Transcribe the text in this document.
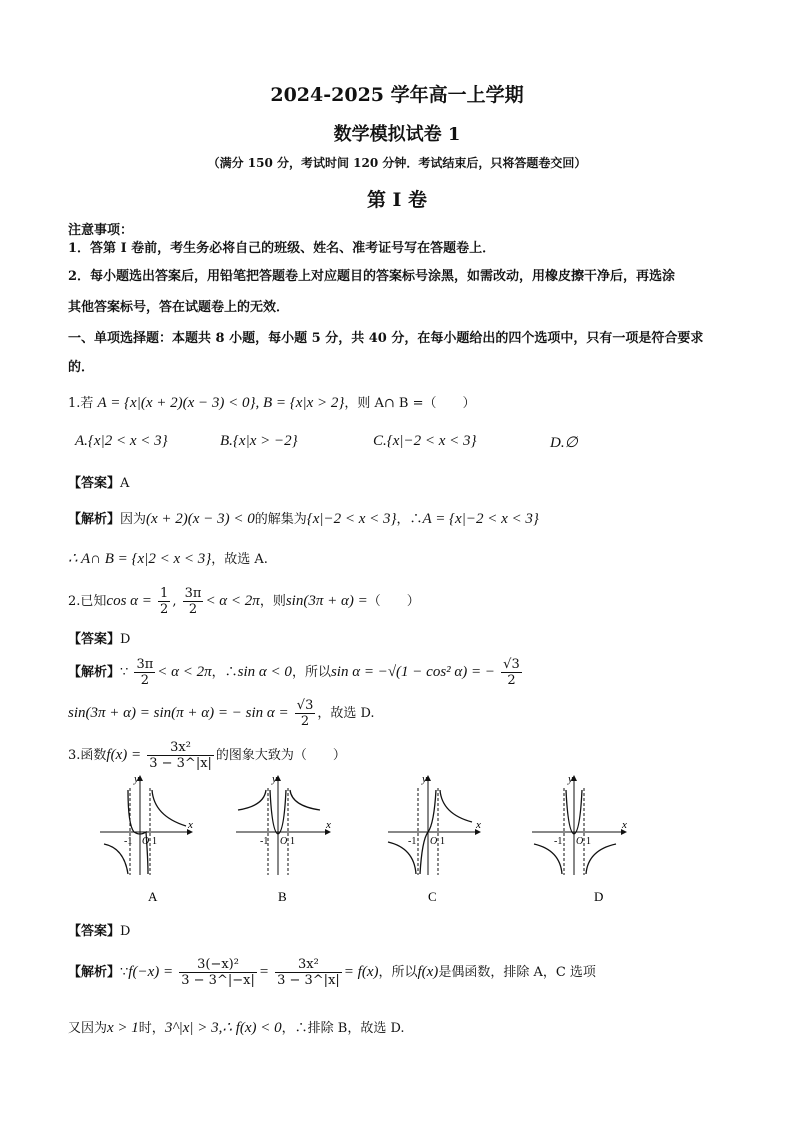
2024-2025 学年高一上学期
数学模拟试卷 1
（满分 150 分，考试时间 120 分钟．考试结束后，只将答题卷交回）
第 I 卷
注意事项：
1．答第 I 卷前，考生务必将自己的班级、姓名、准考证号写在答题卷上．
2．每小题选出答案后，用铅笔把答题卷上对应题目的答案标号涂黑，如需改动，用橡皮擦干净后，再选涂
其他答案标号，答在试题卷上的无效．
一、单项选择题：本题共 8 小题，每小题 5 分，共 40 分，在每小题给出的四个选项中，只有一项是符合要求
的．
1.若 A = {x|(x + 2)(x − 3) < 0}, B = {x|x > 2}，则 A∩ B =（　　）
A.{x|2 < x < 3}	B.{x|x > −2}	C.{x|−2 < x < 3}	D.∅
【答案】A
【解析】因为(x + 2)(x − 3) < 0的解集为{x|−2 < x < 3}，∴A = {x|−2 < x < 3}
∴ A∩ B = {x|2 < x < 3}，故选 A.
2.已知$\cos \alpha = \frac{1}{2}$ , $\frac{3\pi}{2} < \alpha < 2\pi$，则sin(3π + α) =（　　）
【答案】D
【解析】∵ $\frac{3\pi}{2} < \alpha < 2\pi$，∴sin α < 0，所以sin α = −√(1 − cos² α) = − $\frac{√3}{2}$
sin(3π + α) = sin(π + α) = − $\sin \alpha = \frac{√3}{2}$ ，故选 D.
3.函数$f(x) = \frac{\text{3x²}}{3 - 3\^{}|x|}$ 的图象大致为（　　）
y
x
-1 O 1
A
y
x
-1 O 1
B
y
x
-1 O 1
C
y
x
-1 O 1
D
【答案】D
【解析】∵f(−x) = $\frac{\text{3(−x)²}}{3 - 3\^{}|-x|} = \frac{\text{3x²}}{3 - 3\^{}|x|} = f(x)$，所以f(x)是偶函数，排除 A，C 选项
又因为x > 1时，3^|x| > 3,∴ f(x) < 0，∴排除 B，故选 D.
